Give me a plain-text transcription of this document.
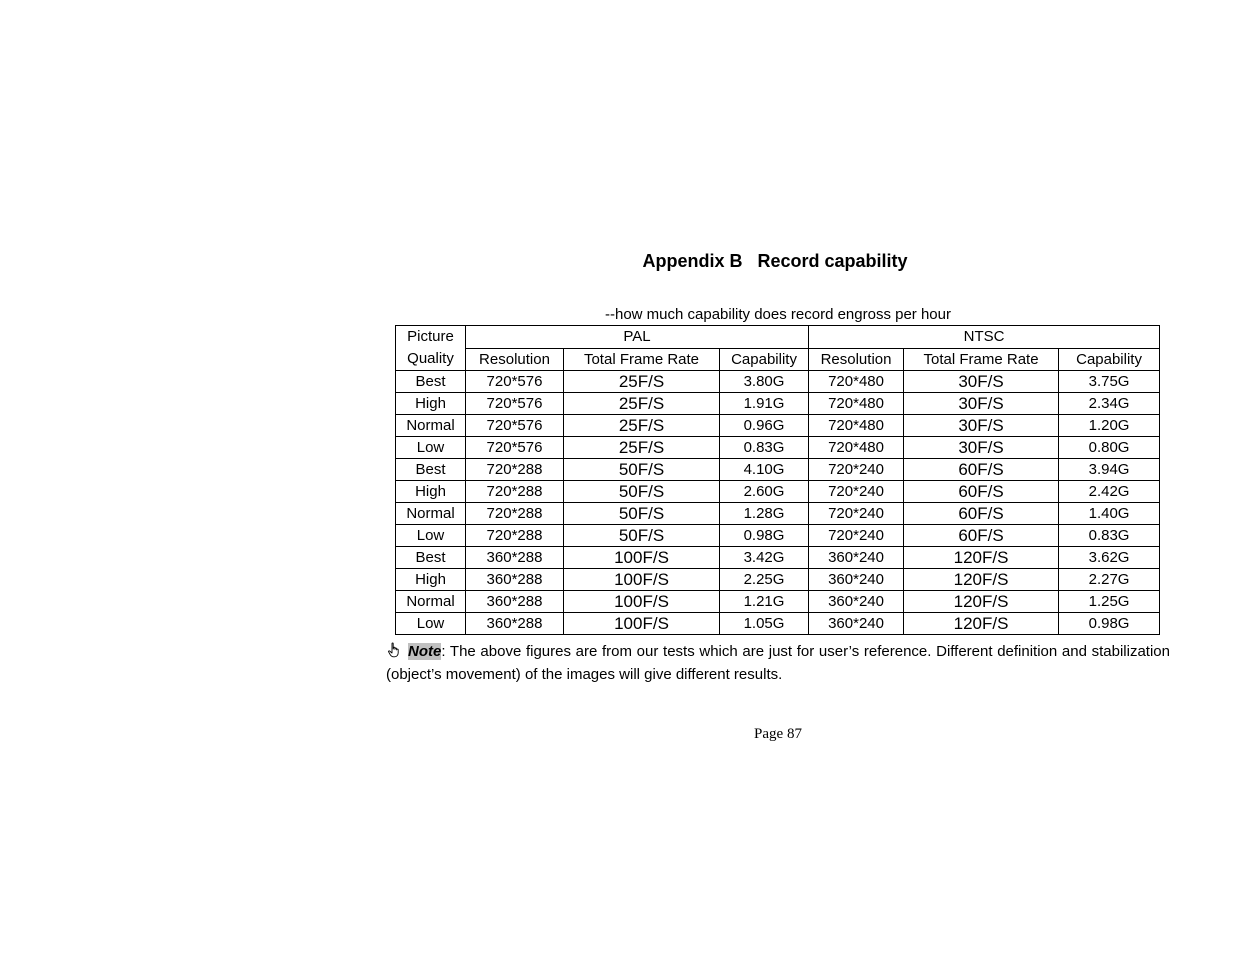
Appendix B   Record capability
--how much capability does record engross per hour
Picture	PAL			NTSC		
Quality	Resolution	Total Frame Rate	Capability	Resolution	Total Frame Rate	Capability
Best	720*576	25F/S	3.80G	720*480	30F/S	3.75G
High	720*576	25F/S	1.91G	720*480	30F/S	2.34G
Normal	720*576	25F/S	0.96G	720*480	30F/S	1.20G
Low	720*576	25F/S	0.83G	720*480	30F/S	0.80G
Best	720*288	50F/S	4.10G	720*240	60F/S	3.94G
High	720*288	50F/S	2.60G	720*240	60F/S	2.42G
Normal	720*288	50F/S	1.28G	720*240	60F/S	1.40G
Low	720*288	50F/S	0.98G	720*240	60F/S	0.83G
Best	360*288	100F/S	3.42G	360*240	120F/S	3.62G
High	360*288	100F/S	2.25G	360*240	120F/S	2.27G
Normal	360*288	100F/S	1.21G	360*240	120F/S	1.25G
Low	360*288	100F/S	1.05G	360*240	120F/S	0.98G
Note: The above figures are from our tests which are just for user’s reference. Different definition and stabilization (object’s movement) of the images will give different results.
Page 87
